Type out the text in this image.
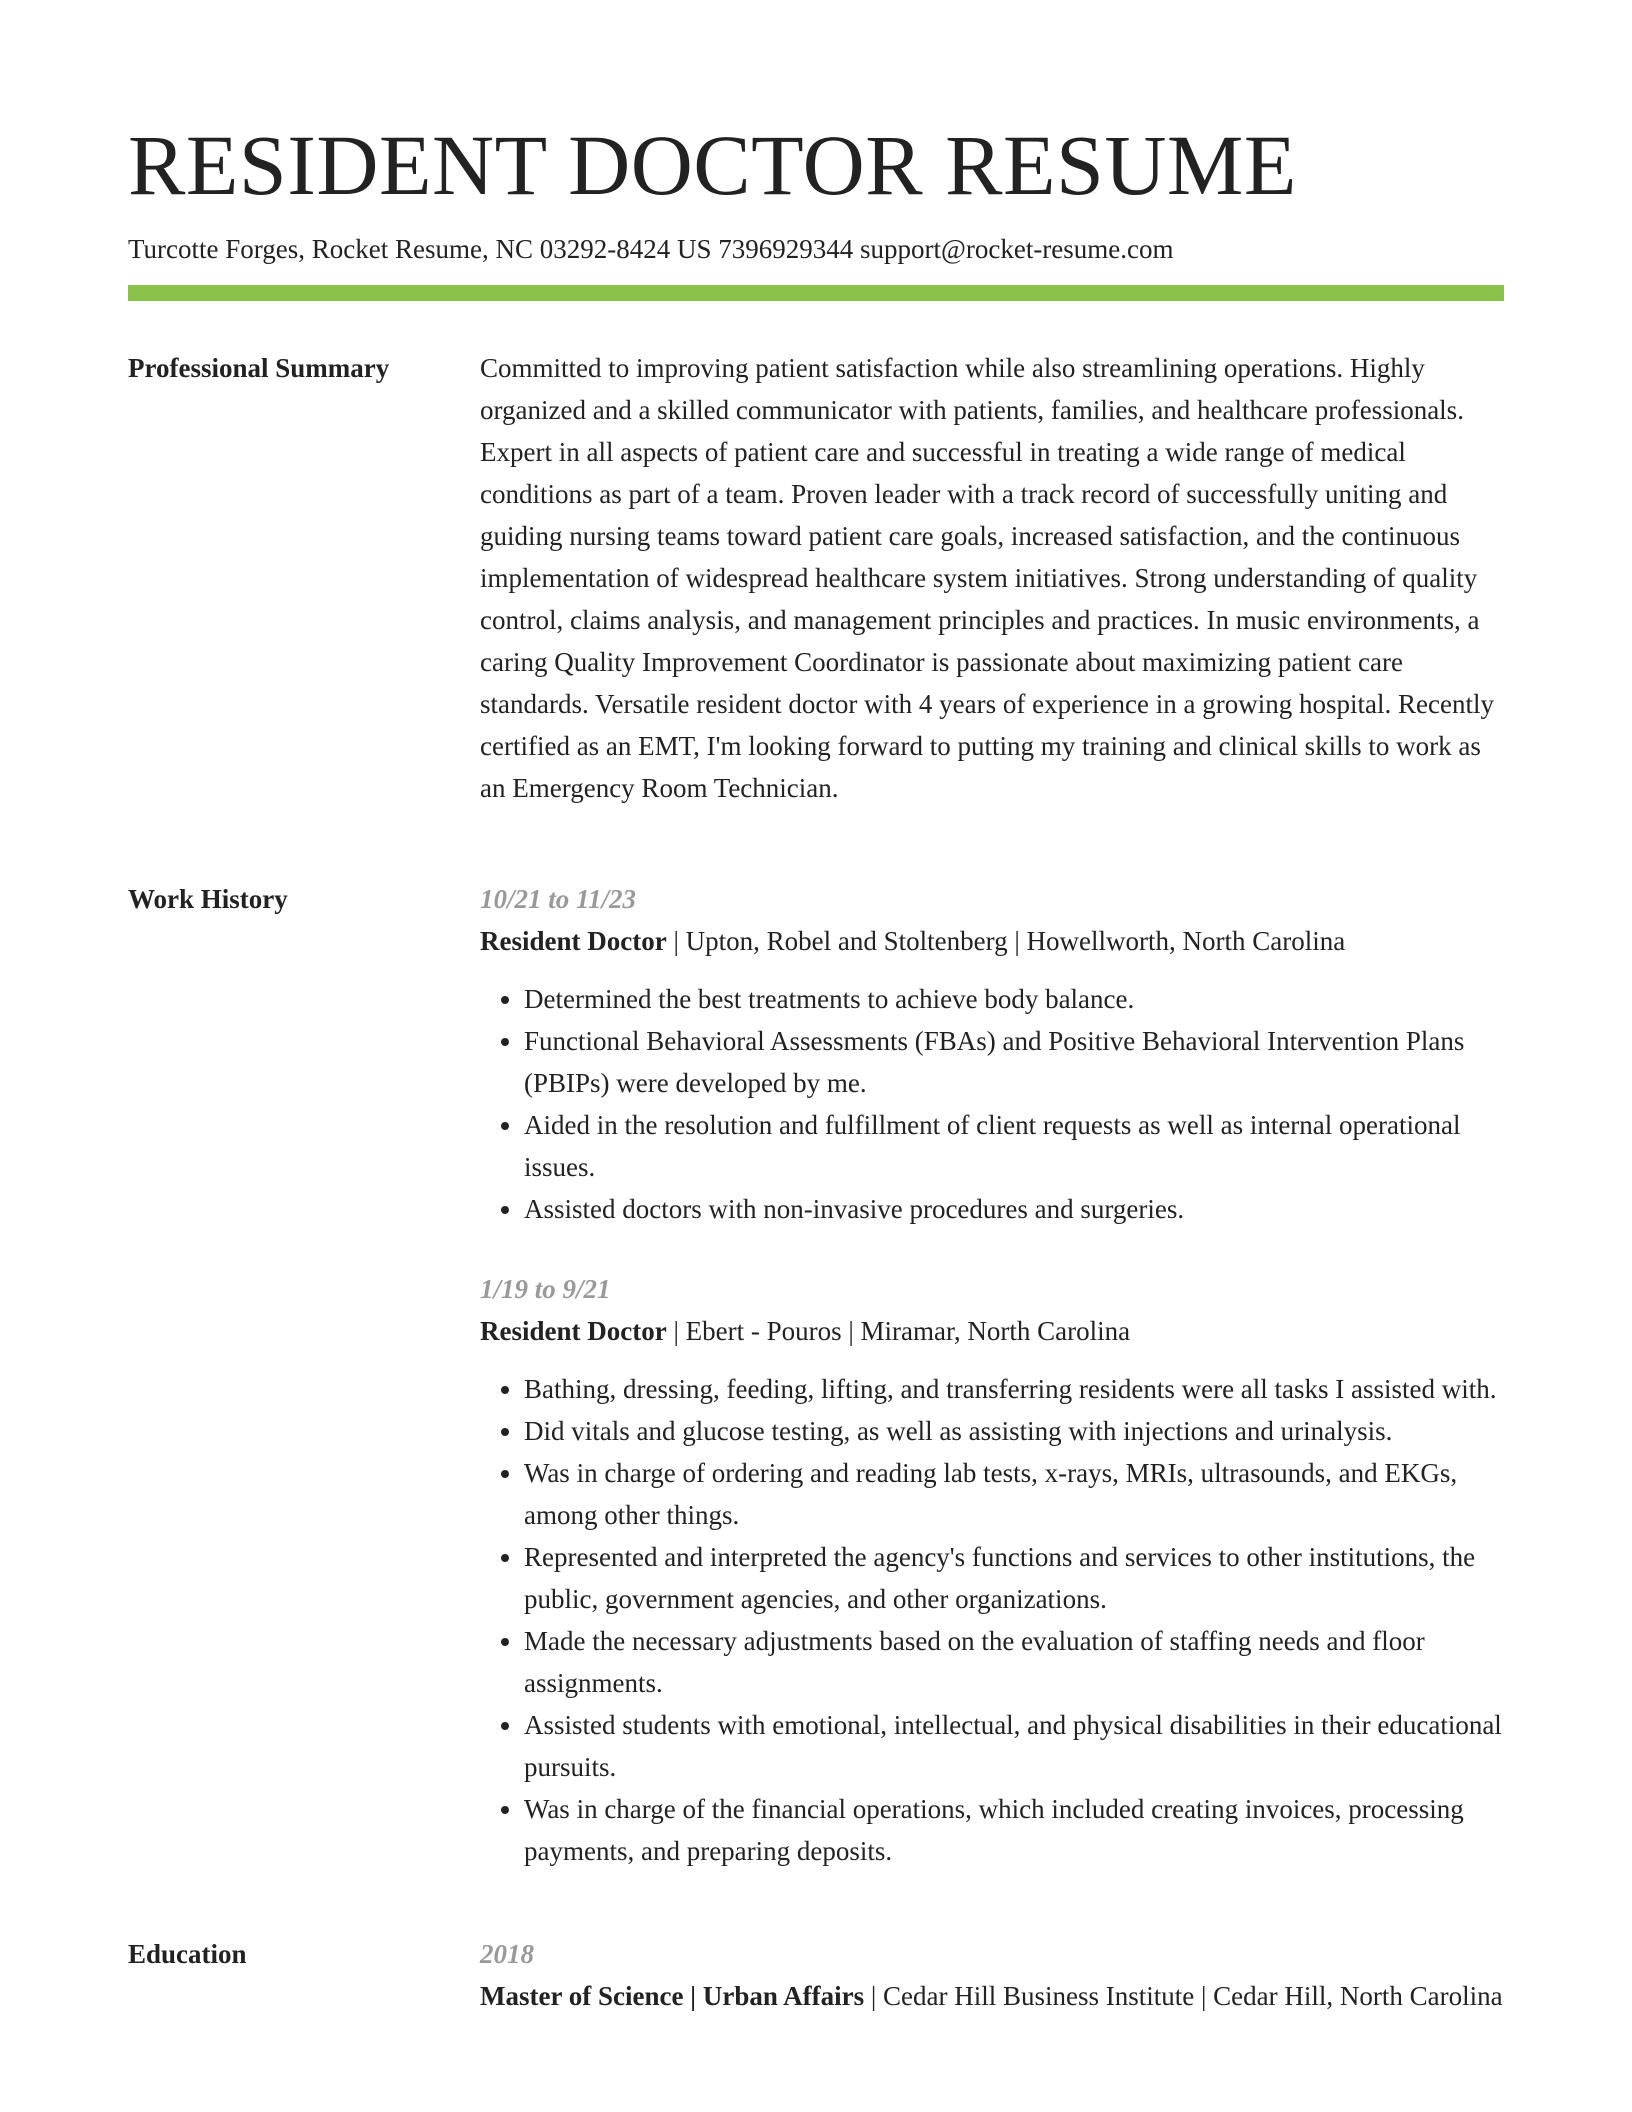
RESIDENT DOCTOR RESUME
Turcotte Forges, Rocket Resume, NC 03292-8424 US 7396929344 support@rocket-resume.com
Professional Summary	Committed to improving patient satisfaction while also streamlining operations. Highly organized and a skilled communicator with patients, families, and healthcare professionals. Expert in all aspects of patient care and successful in treating a wide range of medical conditions as part of a team. Proven leader with a track record of successfully uniting and guiding nursing teams toward patient care goals, increased satisfaction, and the continuous implementation of widespread healthcare system initiatives. Strong understanding of quality control, claims analysis, and management principles and practices. In music environments, a caring Quality Improvement Coordinator is passionate about maximizing patient care standards. Versatile resident doctor with 4 years of experience in a growing hospital. Recently certified as an EMT, I'm looking forward to putting my training and clinical skills to work as an Emergency Room Technician.

Work History	10/21 to 11/23

Resident Doctor | Upton, Robel and Stoltenberg | Howellworth, North Carolina

• Determined the best treatments to achieve body balance.
• Functional Behavioral Assessments (FBAs) and Positive Behavioral Intervention Plans (PBIPs) were developed by me.
• Aided in the resolution and fulfillment of client requests as well as internal operational issues.
• Assisted doctors with non-invasive procedures and surgeries.

1/19 to 9/21

Resident Doctor | Ebert - Pouros | Miramar, North Carolina

• Bathing, dressing, feeding, lifting, and transferring residents were all tasks I assisted with.
• Did vitals and glucose testing, as well as assisting with injections and urinalysis.
• Was in charge of ordering and reading lab tests, x-rays, MRIs, ultrasounds, and EKGs, among other things.
• Represented and interpreted the agency's functions and services to other institutions, the public, government agencies, and other organizations.
• Made the necessary adjustments based on the evaluation of staffing needs and floor assignments.
• Assisted students with emotional, intellectual, and physical disabilities in their educational pursuits.
• Was in charge of the financial operations, which included creating invoices, processing payments, and preparing deposits.
Education	2018

Master of Science | Urban Affairs | Cedar Hill Business Institute | Cedar Hill, North Carolina
